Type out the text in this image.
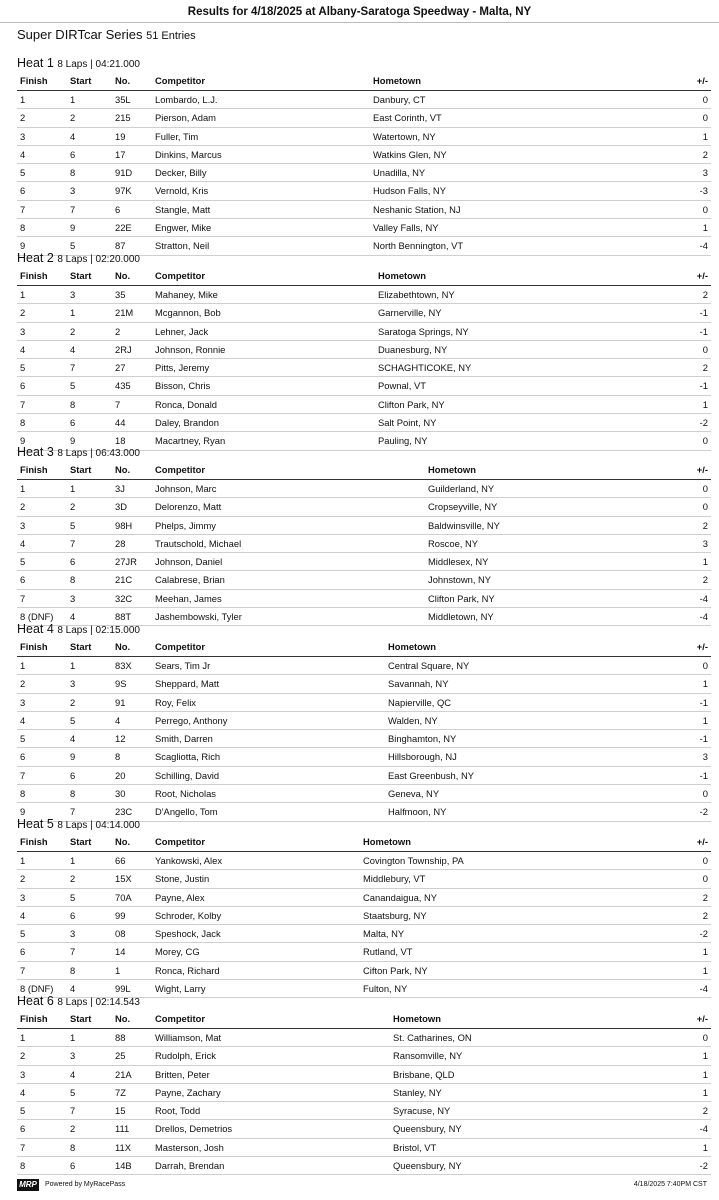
Results for 4/18/2025 at Albany-Saratoga Speedway - Malta, NY
Super DIRTcar Series 51 Entries
Heat 1 8 Laps | 04:21.000
Finish	Start	No.	Competitor	Hometown	+/-
1	1	35L	Lombardo, L.J.	Danbury, CT	0
2	2	215	Pierson, Adam	East Corinth, VT	0
3	4	19	Fuller, Tim	Watertown, NY	1
4	6	17	Dinkins, Marcus	Watkins Glen, NY	2
5	8	91D	Decker, Billy	Unadilla, NY	3
6	3	97K	Vernold, Kris	Hudson Falls, NY	-3
7	7	6	Stangle, Matt	Neshanic Station, NJ	0
8	9	22E	Engwer, Mike	Valley Falls, NY	1
9	5	87	Stratton, Neil	North Bennington, VT	-4
Heat 2 8 Laps | 02:20.000
Finish	Start	No.	Competitor	Hometown	+/-
1	3	35	Mahaney, Mike	Elizabethtown, NY	2
2	1	21M	Mcgannon, Bob	Garnerville, NY	-1
3	2	2	Lehner, Jack	Saratoga Springs, NY	-1
4	4	2RJ	Johnson, Ronnie	Duanesburg, NY	0
5	7	27	Pitts, Jeremy	SCHAGHTICOKE, NY	2
6	5	435	Bisson, Chris	Pownal, VT	-1
7	8	7	Ronca, Donald	Clifton Park, NY	1
8	6	44	Daley, Brandon	Salt Point, NY	-2
9	9	18	Macartney, Ryan	Pauling, NY	0
Heat 3 8 Laps | 06:43.000
Finish	Start	No.	Competitor	Hometown	+/-
1	1	3J	Johnson, Marc	Guilderland, NY	0
2	2	3D	Delorenzo, Matt	Cropseyville, NY	0
3	5	98H	Phelps, Jimmy	Baldwinsville, NY	2
4	7	28	Trautschold, Michael	Roscoe, NY	3
5	6	27JR	Johnson, Daniel	Middlesex, NY	1
6	8	21C	Calabrese, Brian	Johnstown, NY	2
7	3	32C	Meehan, James	Clifton Park, NY	-4
8 (DNF)	4	88T	Jashembowski, Tyler	Middletown, NY	-4
Heat 4 8 Laps | 02:15.000
Finish	Start	No.	Competitor	Hometown	+/-
1	1	83X	Sears, Tim Jr	Central Square, NY	0
2	3	9S	Sheppard, Matt	Savannah, NY	1
3	2	91	Roy, Felix	Napierville, QC	-1
4	5	4	Perrego, Anthony	Walden, NY	1
5	4	12	Smith, Darren	Binghamton, NY	-1
6	9	8	Scagliotta, Rich	Hillsborough, NJ	3
7	6	20	Schilling, David	East Greenbush, NY	-1
8	8	30	Root, Nicholas	Geneva, NY	0
9	7	23C	D'Angello, Tom	Halfmoon, NY	-2
Heat 5 8 Laps | 04:14.000
Finish	Start	No.	Competitor	Hometown	+/-
1	1	66	Yankowski, Alex	Covington Township, PA	0
2	2	15X	Stone, Justin	Middlebury, VT	0
3	5	70A	Payne, Alex	Canandaigua, NY	2
4	6	99	Schroder, Kolby	Staatsburg, NY	2
5	3	08	Speshock, Jack	Malta, NY	-2
6	7	14	Morey, CG	Rutland, VT	1
7	8	1	Ronca, Richard	Cifton Park, NY	1
8 (DNF)	4	99L	Wight, Larry	Fulton, NY	-4
Heat 6 8 Laps | 02:14.543
Finish	Start	No.	Competitor	Hometown	+/-
1	1	88	Williamson, Mat	St. Catharines, ON	0
2	3	25	Rudolph, Erick	Ransomville, NY	1
3	4	21A	Britten, Peter	Brisbane, QLD	1
4	5	7Z	Payne, Zachary	Stanley, NY	1
5	7	15	Root, Todd	Syracuse, NY	2
6	2	111	Drellos, Demetrios	Queensbury, NY	-4
7	8	11X	Masterson, Josh	Bristol, VT	1
8	6	14B	Darrah, Brendan	Queensbury, NY	-2
MRP	Powered by MyRacePass	4/18/2025 7:40PM CST
